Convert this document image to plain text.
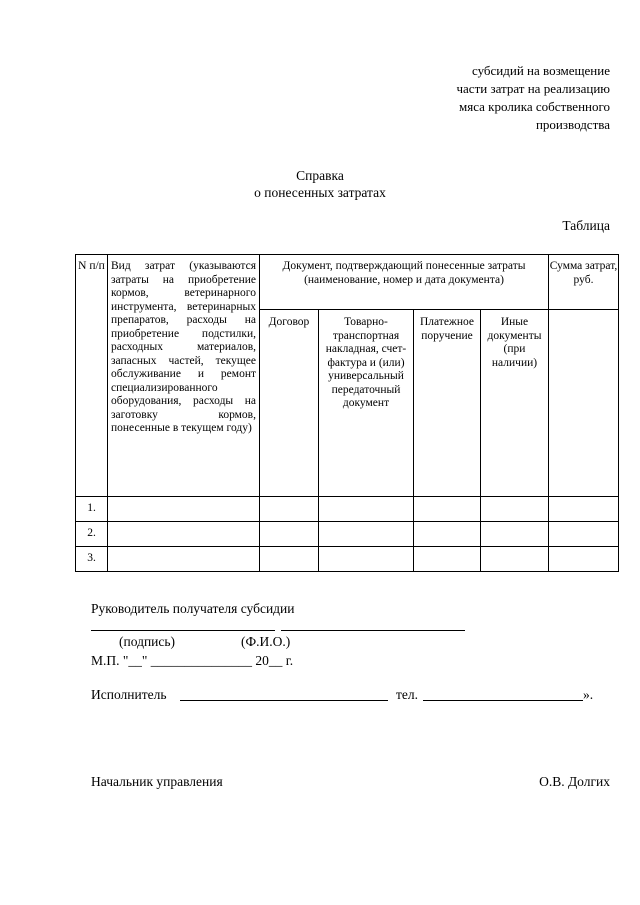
субсидий на возмещение
части затрат на реализацию
мяса кролика собственного
производства
Справка
о понесенных затратах
Таблица
N п/п	Вид затрат (указываются затраты на приобретение кормов, ветеринарного инструмента, ветеринарных препаратов, расходы на приобретение подстилки, расходных материалов, запасных частей, текущее обслуживание и ремонт специализированного оборудования, расходы на заготовку кормов, понесенные в текущем году)	Документ, подтверждающий понесенные затраты (наименование, номер и дата документа)				Сумма затрат, руб.
		Договор	Товарно-транспортная накладная, счет-фактура и (или) универсальный передаточный документ	Платежное поручение	Иные документы (при наличии)	
1.						
2.						
3.						
Руководитель получателя субсидии
(подпись)	(Ф.И.О.)
М.П. "__" _______________ 20__ г.
Исполнитель	тел.	».
Начальник управления	О.В. Долгих
